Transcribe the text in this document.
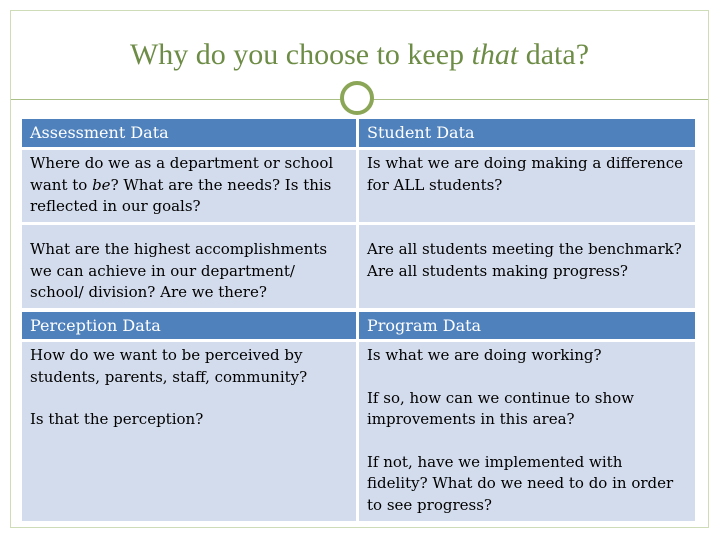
Why do you choose to keep that data?
Assessment Data	Student Data
Where do we as a department or school want to be? What are the needs? Is this reflected in our goals?
Is what we are doing making a difference for ALL students?
What are the highest accomplishments we can achieve in our department/ school/ division? Are we there?
Are all students meeting the benchmark? Are all students making progress?
Perception Data	Program Data

How do we want to be perceived by students, parents, staff, community?

Is that the perception?

Is what we are doing working?

If so, how can we continue to show improvements in this area?

If not, have we implemented with fidelity? What do we need to do in order to see progress?
